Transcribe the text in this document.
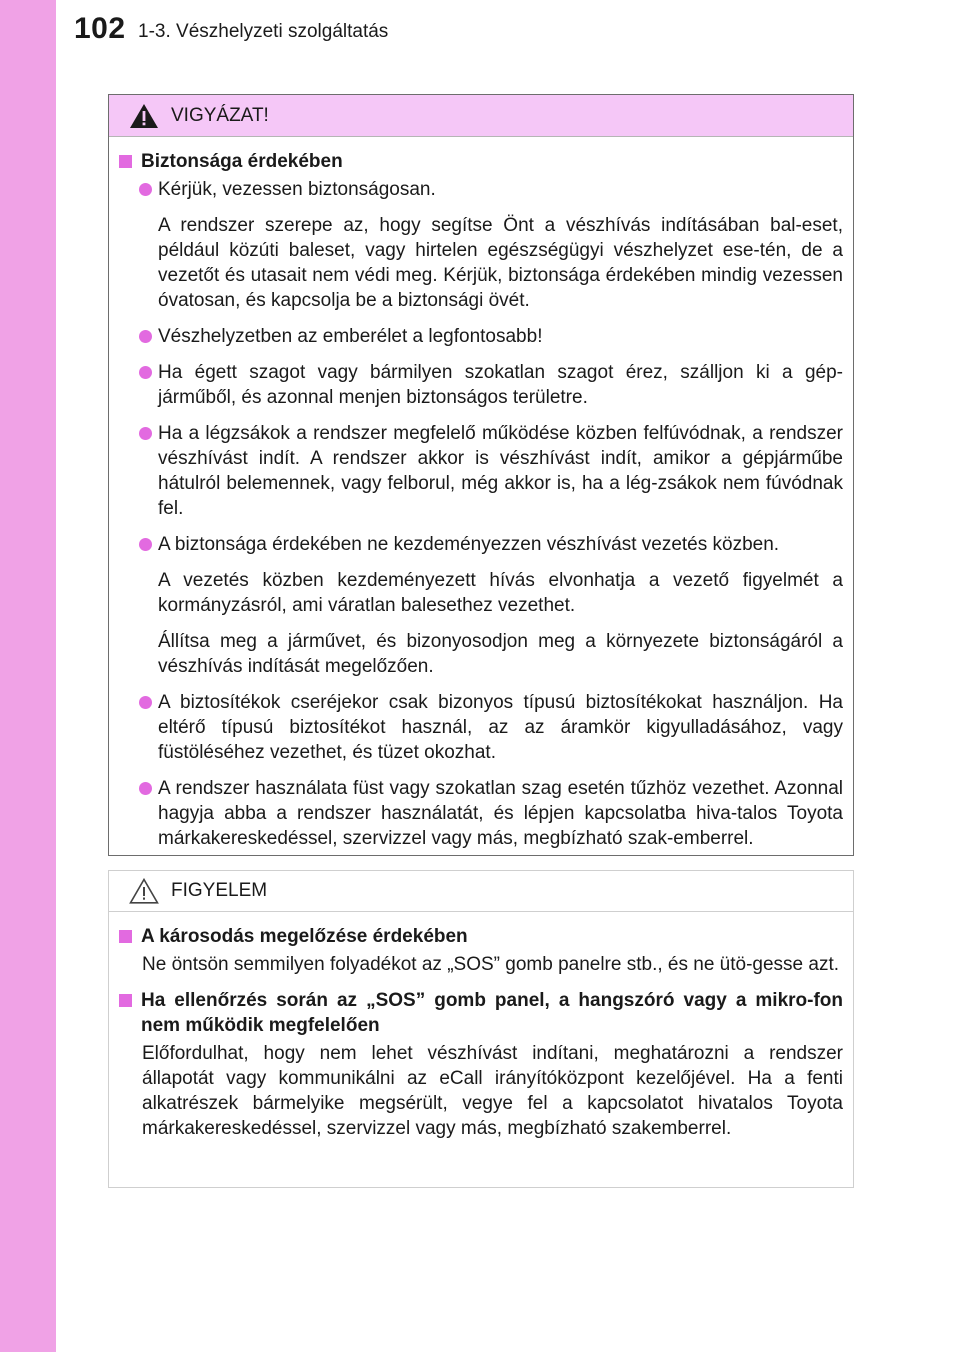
102 1-3. Vészhelyzeti szolgáltatás
VIGYÁZAT!
Biztonsága érdekében
Kérjük, vezessen biztonságosan.
A rendszer szerepe az, hogy segítse Önt a vészhívás indításában bal-eset, például közúti baleset, vagy hirtelen egészségügyi vészhelyzet ese-tén, de a vezetőt és utasait nem védi meg. Kérjük, biztonsága érdekében mindig vezessen óvatosan, és kapcsolja be a biztonsági övét.
Vészhelyzetben az emberélet a legfontosabb!
Ha égett szagot vagy bármilyen szokatlan szagot érez, szálljon ki a gép-járműből, és azonnal menjen biztonságos területre.
Ha a légzsákok a rendszer megfelelő működése közben felfúvódnak, a rendszer vészhívást indít. A rendszer akkor is vészhívást indít, amikor a gépjárműbe hátulról belemennek, vagy felborul, még akkor is, ha a lég-zsákok nem fúvódnak fel.
A biztonsága érdekében ne kezdeményezzen vészhívást vezetés közben.
A vezetés közben kezdeményezett hívás elvonhatja a vezető figyelmét a kormányzásról, ami váratlan balesethez vezethet.
Állítsa meg a járművet, és bizonyosodjon meg a környezete biztonságáról a vészhívás indítását megelőzően.
A biztosítékok cseréjekor csak bizonyos típusú biztosítékokat használjon. Ha eltérő típusú biztosítékot használ, az az áramkör kigyulladásához, vagy füstöléséhez vezethet, és tüzet okozhat.
A rendszer használata füst vagy szokatlan szag esetén tűzhöz vezethet. Azonnal hagyja abba a rendszer használatát, és lépjen kapcsolatba hiva-talos Toyota márkakereskedéssel, szervizzel vagy más, megbízható szak-emberrel.
FIGYELEM
A károsodás megelőzése érdekében
Ne öntsön semmilyen folyadékot az „SOS” gomb panelre stb., és ne ütö-gesse azt.
Ha ellenőrzés során az „SOS” gomb panel, a hangszóró vagy a mikro-fon nem működik megfelelően
Előfordulhat, hogy nem lehet vészhívást indítani, meghatározni a rendszer állapotát vagy kommunikálni az eCall irányítóközpont kezelőjével. Ha a fenti alkatrészek bármelyike megsérült, vegye fel a kapcsolatot hivatalos Toyota márkakereskedéssel, szervizzel vagy más, megbízható szakemberrel.
